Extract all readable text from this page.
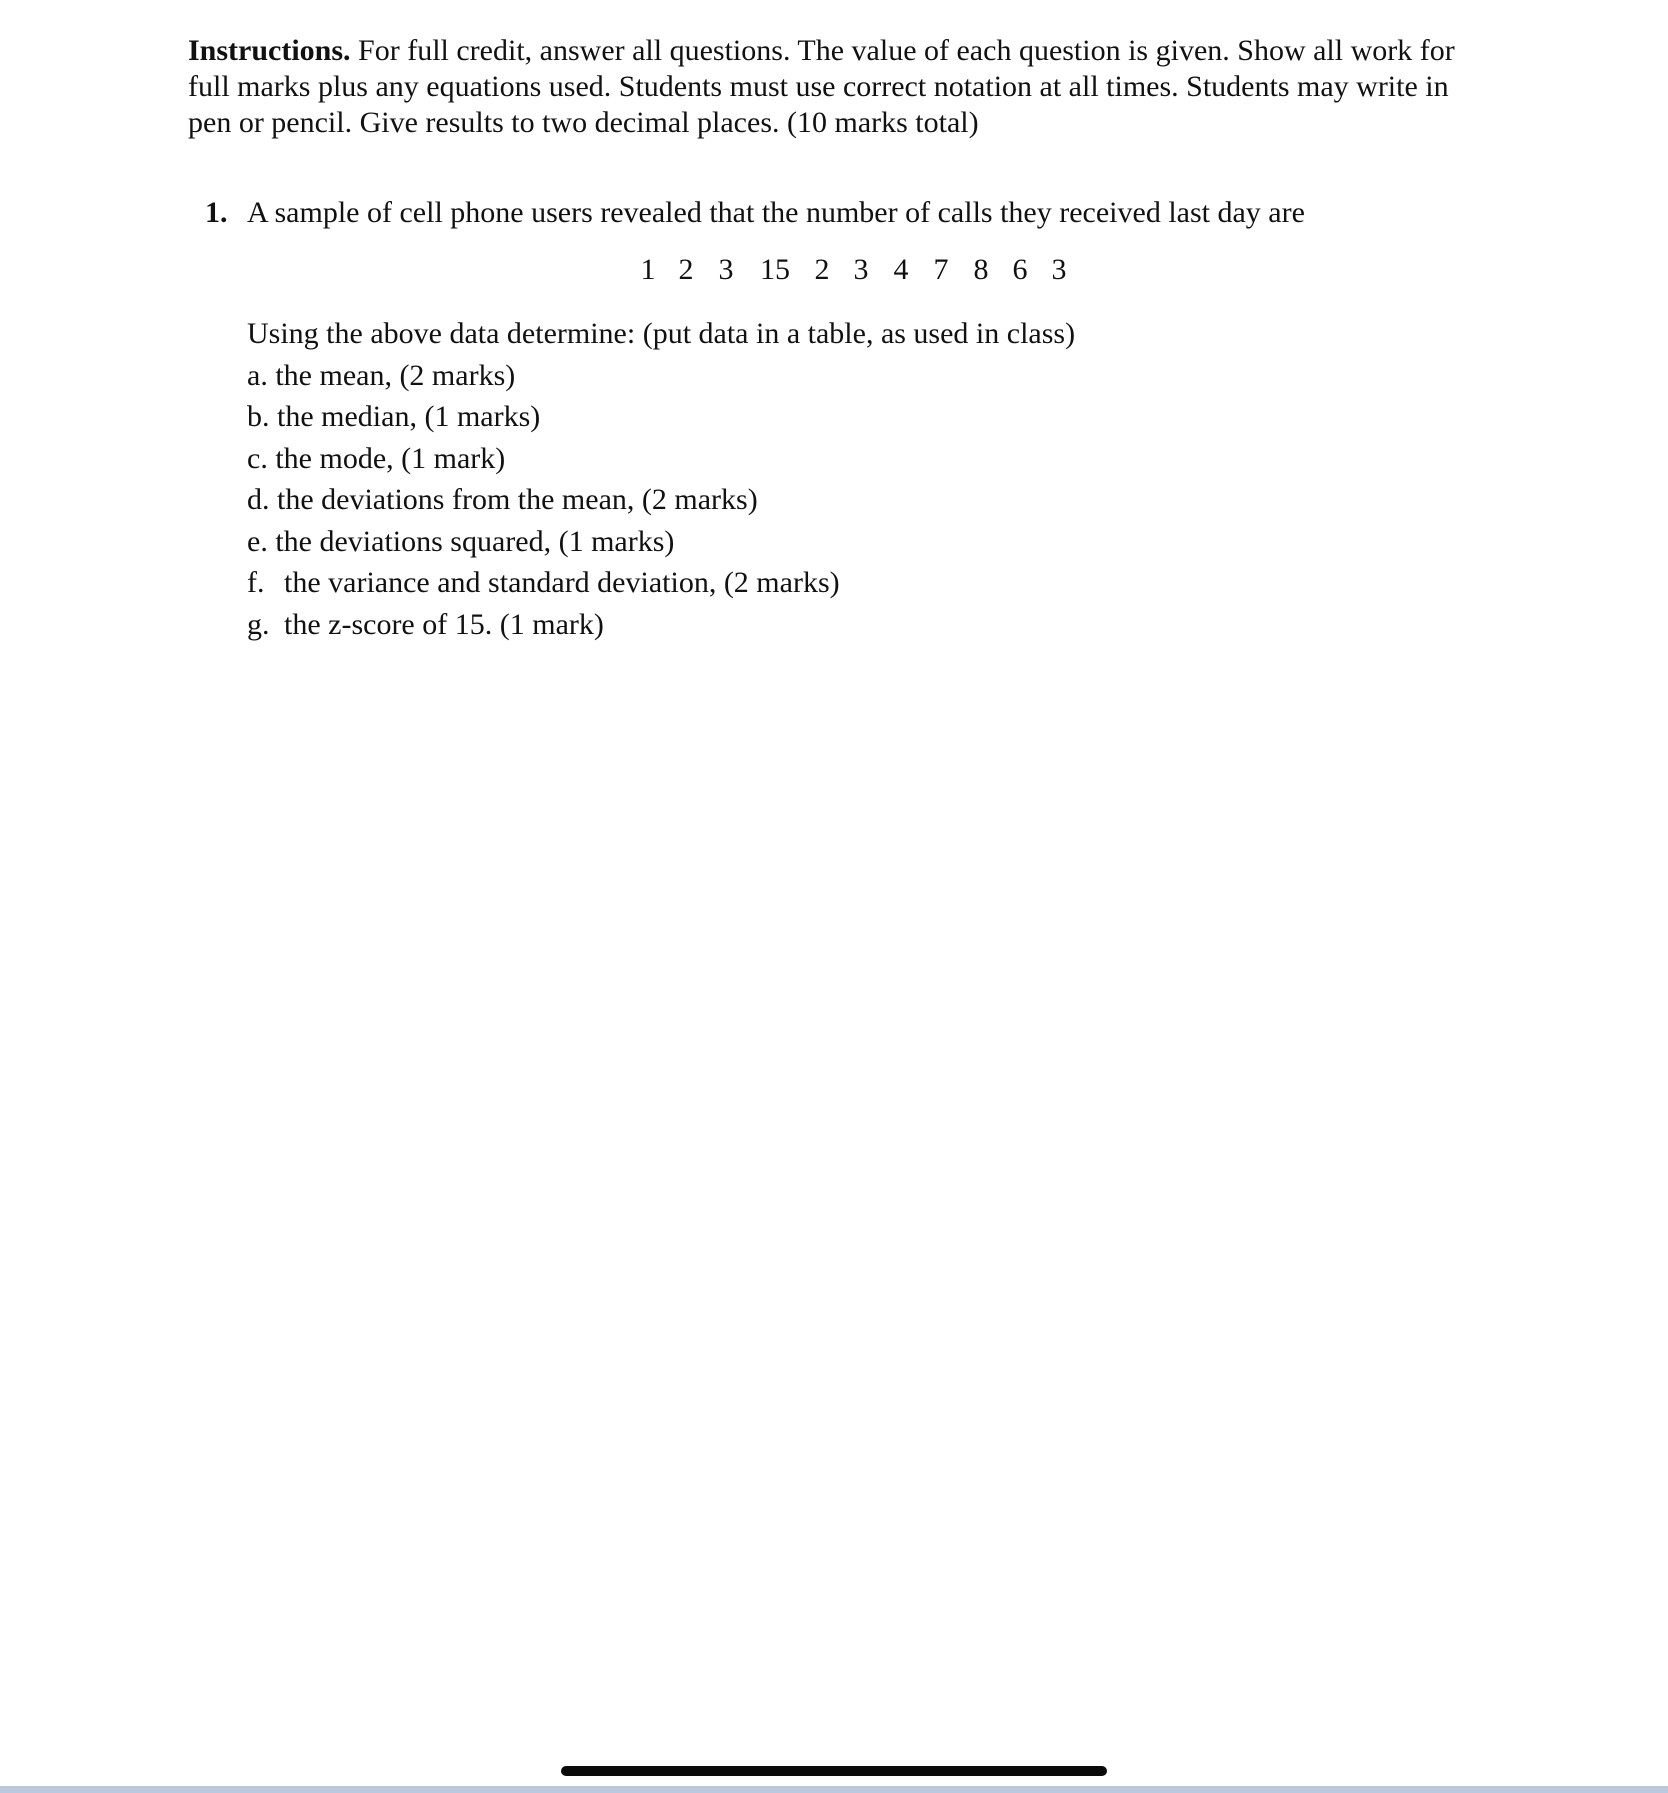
Instructions. For full credit, answer all questions. The value of each question is given. Show all work for full marks plus any equations used. Students must use correct notation at all times. Students may write in pen or pencil. Give results to two decimal places. (10 marks total)

1. A sample of cell phone users revealed that the number of calls they received last day are
1 2 3 15 2 3 4 7 8 6 3
Using the above data determine: (put data in a table, as used in class)
a. the mean, (2 marks)
b. the median, (1 marks)
c. the mode, (1 mark)
d. the deviations from the mean, (2 marks)
e. the deviations squared, (1 marks)
f. the variance and standard deviation, (2 marks)
g. the z-score of 15. (1 mark)
